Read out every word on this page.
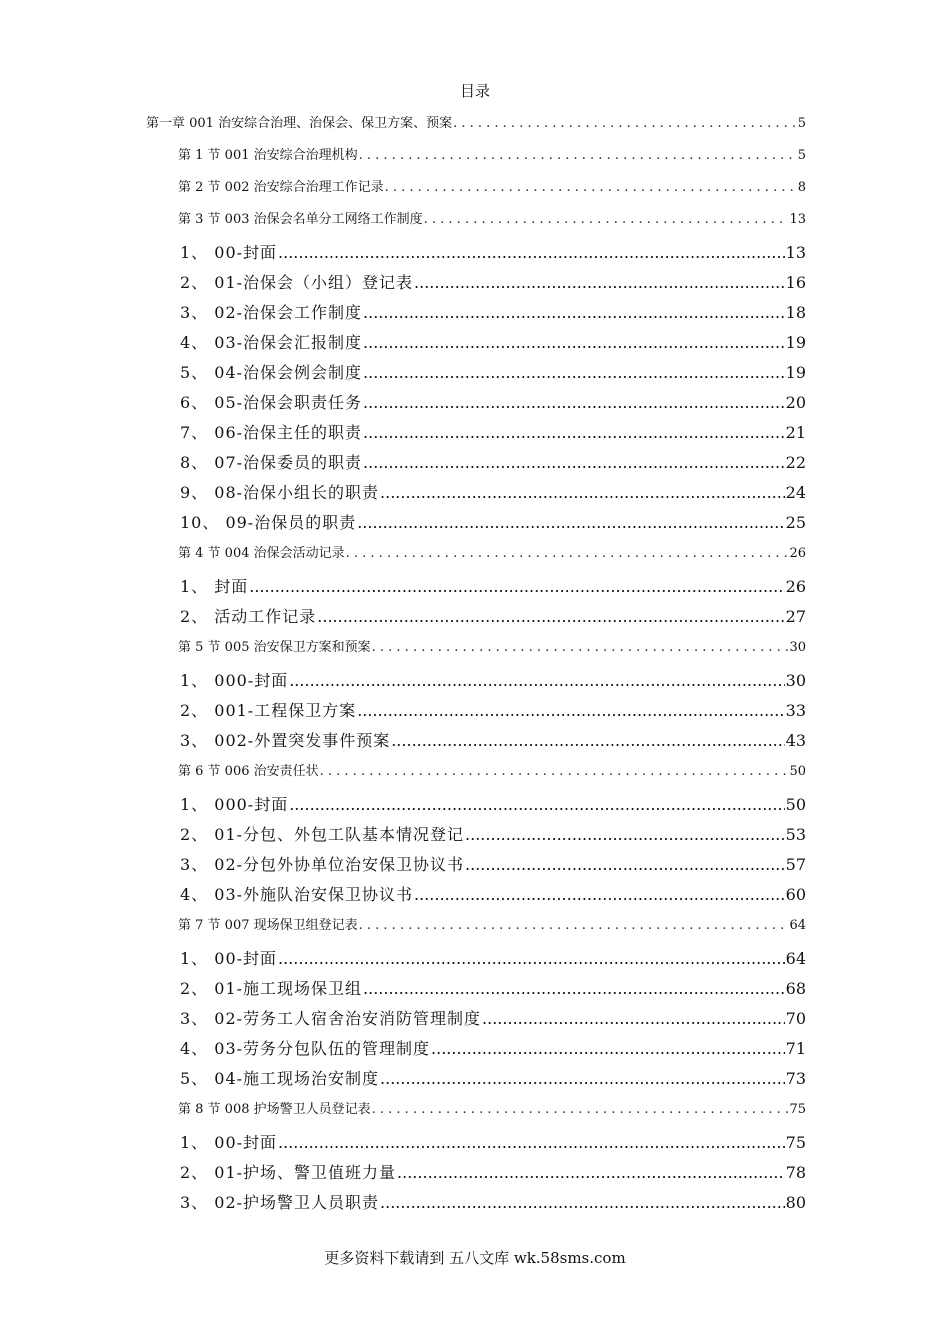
目录
第一章 001 治安综合治理、治保会、保卫方案、预案 . . .	5
第 1 节 001 治安综合治理机构 . . .	5
第 2 节 002 治安综合治理工作记录 . . .	8
第 3 节 003 治保会名单分工网络工作制度 . . .	13
1、 00-封面 .....	13
2、 01-治保会（小组）登记表 .....	16
3、 02-治保会工作制度 .....	18
4、 03-治保会汇报制度 .....	19
5、 04-治保会例会制度 .....	19
6、 05-治保会职责任务 .....	20
7、 06-治保主任的职责 .....	21
8、 07-治保委员的职责 .....	22
9、 08-治保小组长的职责 .....	24
10、 09-治保员的职责 .....	25
第 4 节 004 治保会活动记录 . . .	26
1、 封面 .....	26
2、 活动工作记录 .....	27
第 5 节 005 治安保卫方案和预案 . . .	30
1、 000-封面 .....	30
2、 001-工程保卫方案 .....	33
3、 002-外置突发事件预案 .....	43
第 6 节 006 治安责任状 . . .	50
1、 000-封面 .....	50
2、 01-分包、外包工队基本情况登记 .....	53
3、 02-分包外协单位治安保卫协议书 .....	57
4、 03-外施队治安保卫协议书 .....	60
第 7 节 007 现场保卫组登记表 . . .	64
1、 00-封面 .....	64
2、 01-施工现场保卫组 .....	68
3、 02-劳务工人宿舍治安消防管理制度 .....	70
4、 03-劳务分包队伍的管理制度 .....	71
5、 04-施工现场治安制度 .....	73
第 8 节 008 护场警卫人员登记表 . . .	75
1、 00-封面 .....	75
2、 01-护场、警卫值班力量 .....	78
3、 02-护场警卫人员职责 .....	80
更多资料下载请到 五八文库 wk.58sms.com
